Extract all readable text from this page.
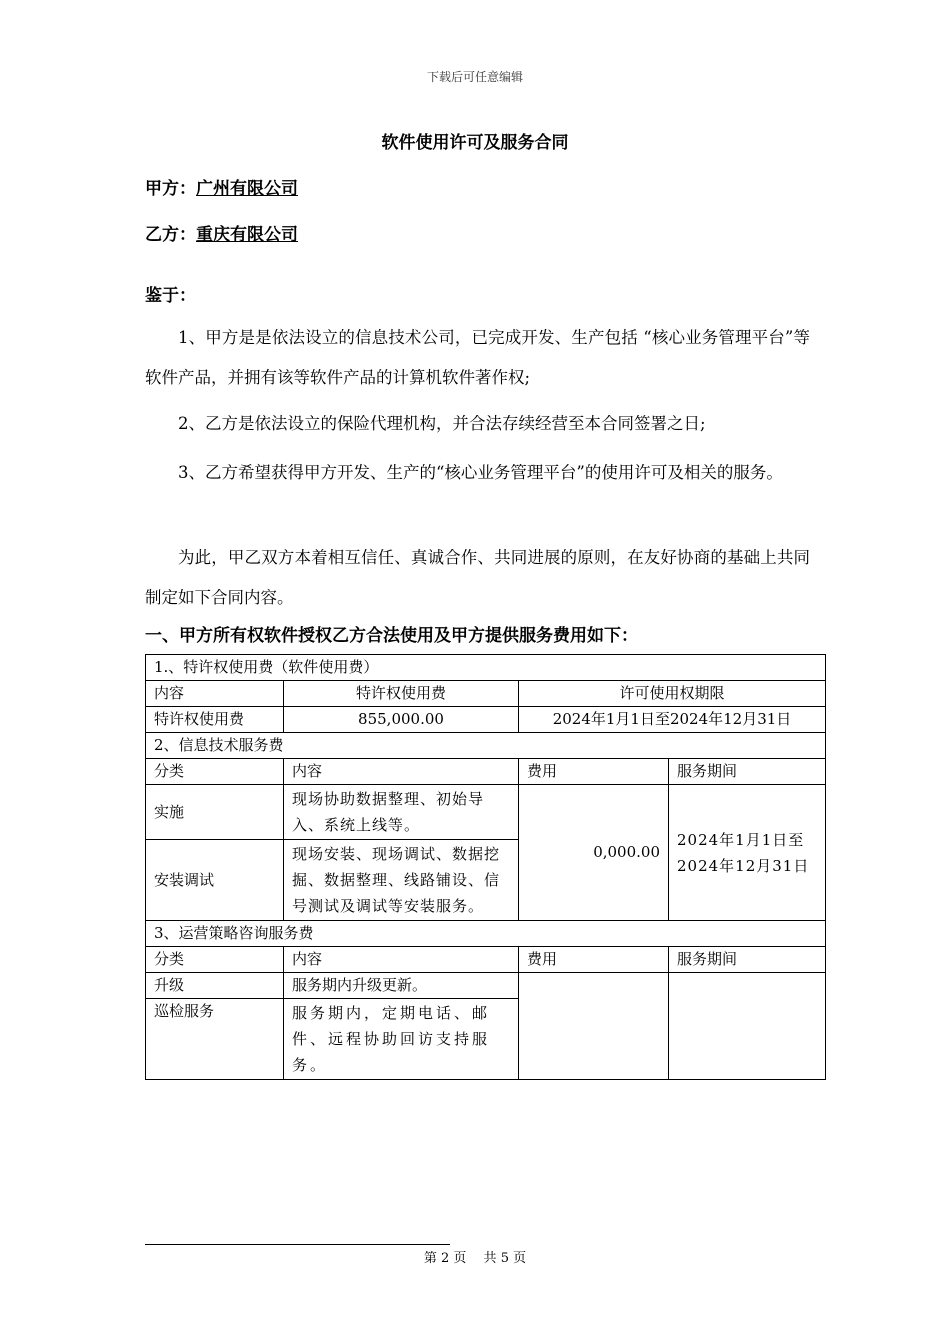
下载后可任意编辑
软件使用许可及服务合同
甲方：广州有限公司
乙方：重庆有限公司
鉴于：
1、甲方是是依法设立的信息技术公司，已完成开发、生产包括 “核心业务管理平台”等软件产品，并拥有该等软件产品的计算机软件著作权;
2、乙方是依法设立的保险代理机构，并合法存续经营至本合同签署之日;
3、乙方希望获得甲方开发、生产的“核心业务管理平台”的使用许可及相关的服务。
为此，甲乙双方本着相互信任、真诚合作、共同进展的原则，在友好协商的基础上共同制定如下合同内容。
一、甲方所有权软件授权乙方合法使用及甲方提供服务费用如下：
1.、特许权使用费（软件使用费）			
内容	特许权使用费	许可使用权期限	
特许权使用费	855,000.00	2024年1月1日至2024年12月31日	
2、信息技术服务费			
分类	内容	费用	服务期间
实施	现场协助数据整理、初始导入、系统上线等。	0,000.00	2024年1月1日至2024年12月31日
安装调试	现场安装、现场调试、数据挖掘、数据整理、线路铺设、信号测试及调试等安装服务。		
3、运营策略咨询服务费			
分类	内容	费用	服务期间
升级	服务期内升级更新。		
巡检服务	服务期内，定期电话、邮件、远程协助回访支持服务。		
第 2 页　 共 5 页
